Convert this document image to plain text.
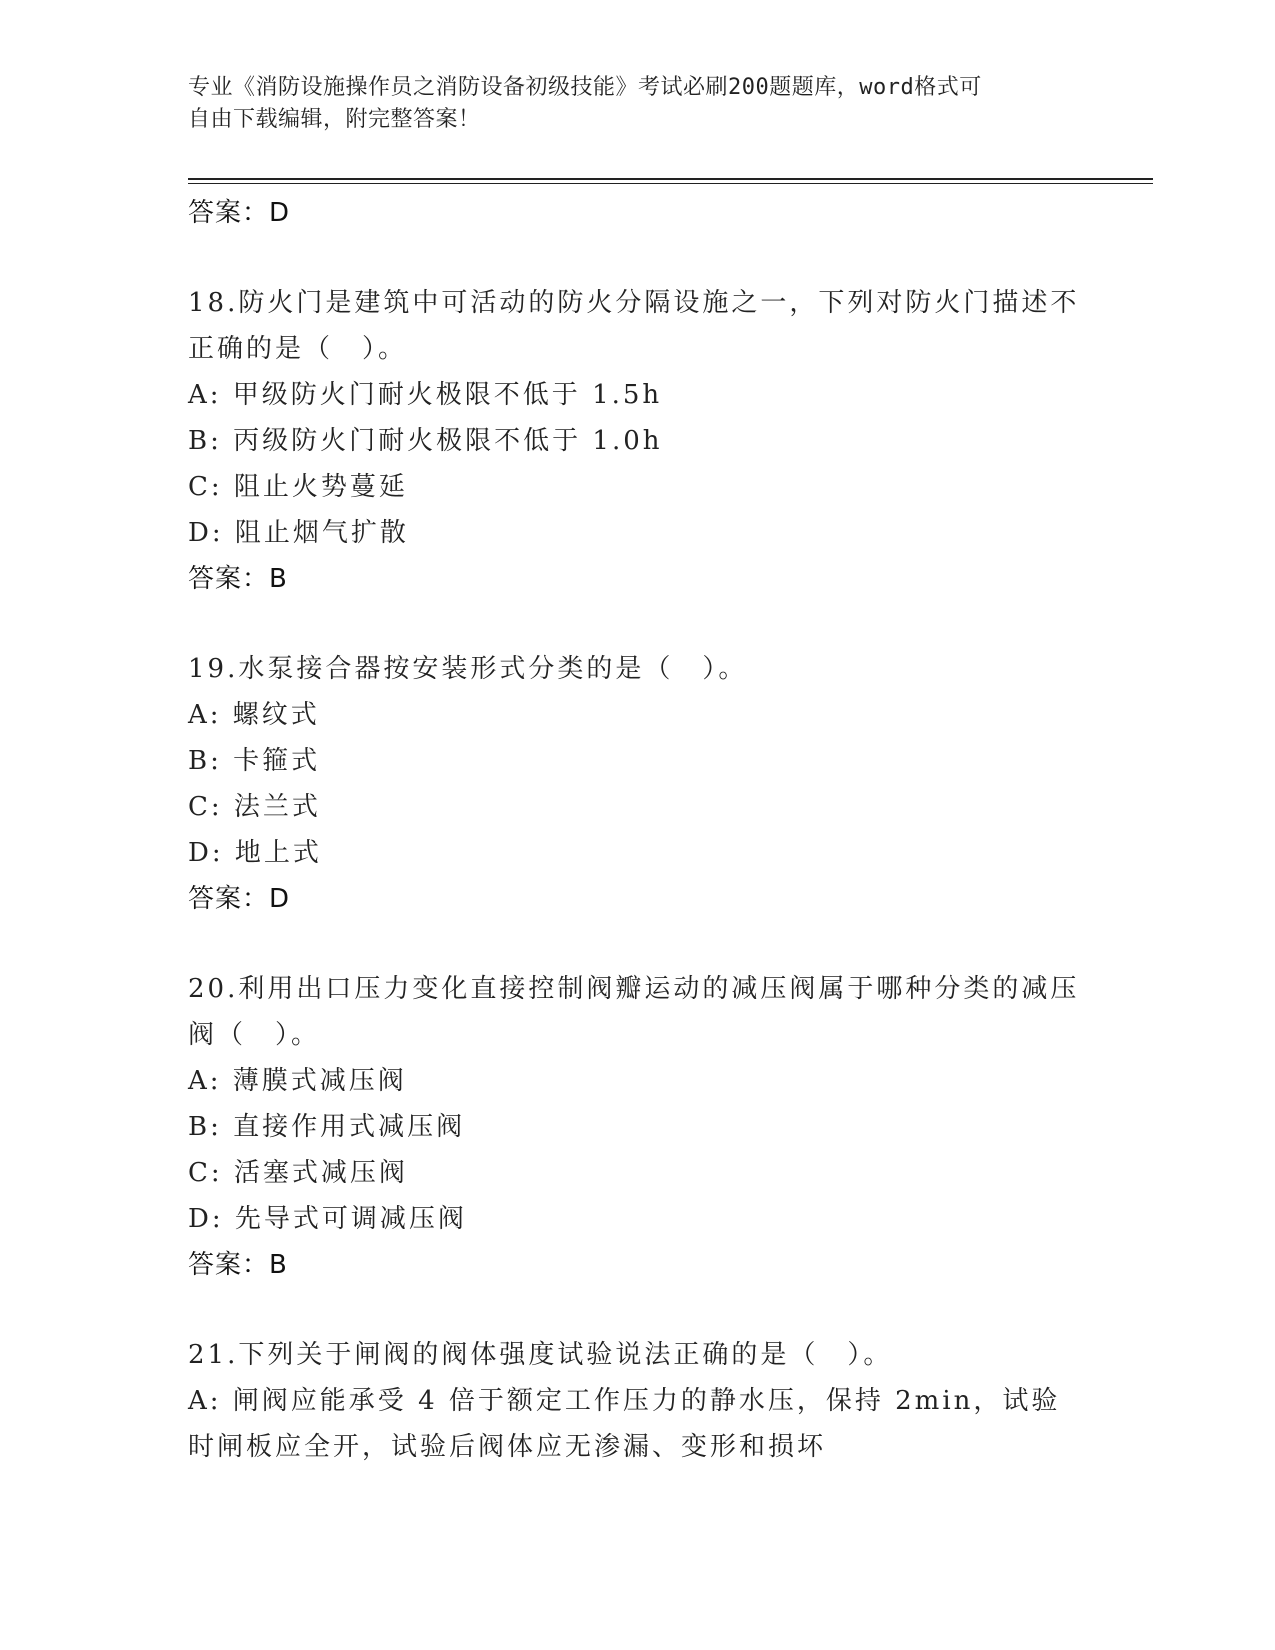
专业《消防设施操作员之消防设备初级技能》考试必刷200题题库，word格式可
自由下载编辑，附完整答案！
答案：D
18.防火门是建筑中可活动的防火分隔设施之一，下列对防火门描述不正确的是（　）。
A: 甲级防火门耐火极限不低于 1.5h
B: 丙级防火门耐火极限不低于 1.0h
C: 阻止火势蔓延
D: 阻止烟气扩散
答案：B
19.水泵接合器按安装形式分类的是（　）。
A: 螺纹式
B: 卡箍式
C: 法兰式
D: 地上式
答案：D
20.利用出口压力变化直接控制阀瓣运动的减压阀属于哪种分类的减压阀（　）。
A: 薄膜式减压阀
B: 直接作用式减压阀
C: 活塞式减压阀
D: 先导式可调减压阀
答案：B
21.下列关于闸阀的阀体强度试验说法正确的是（　）。
A: 闸阀应能承受 4 倍于额定工作压力的静水压，保持 2min，试验时闸板应全开，试验后阀体应无渗漏、变形和损坏
